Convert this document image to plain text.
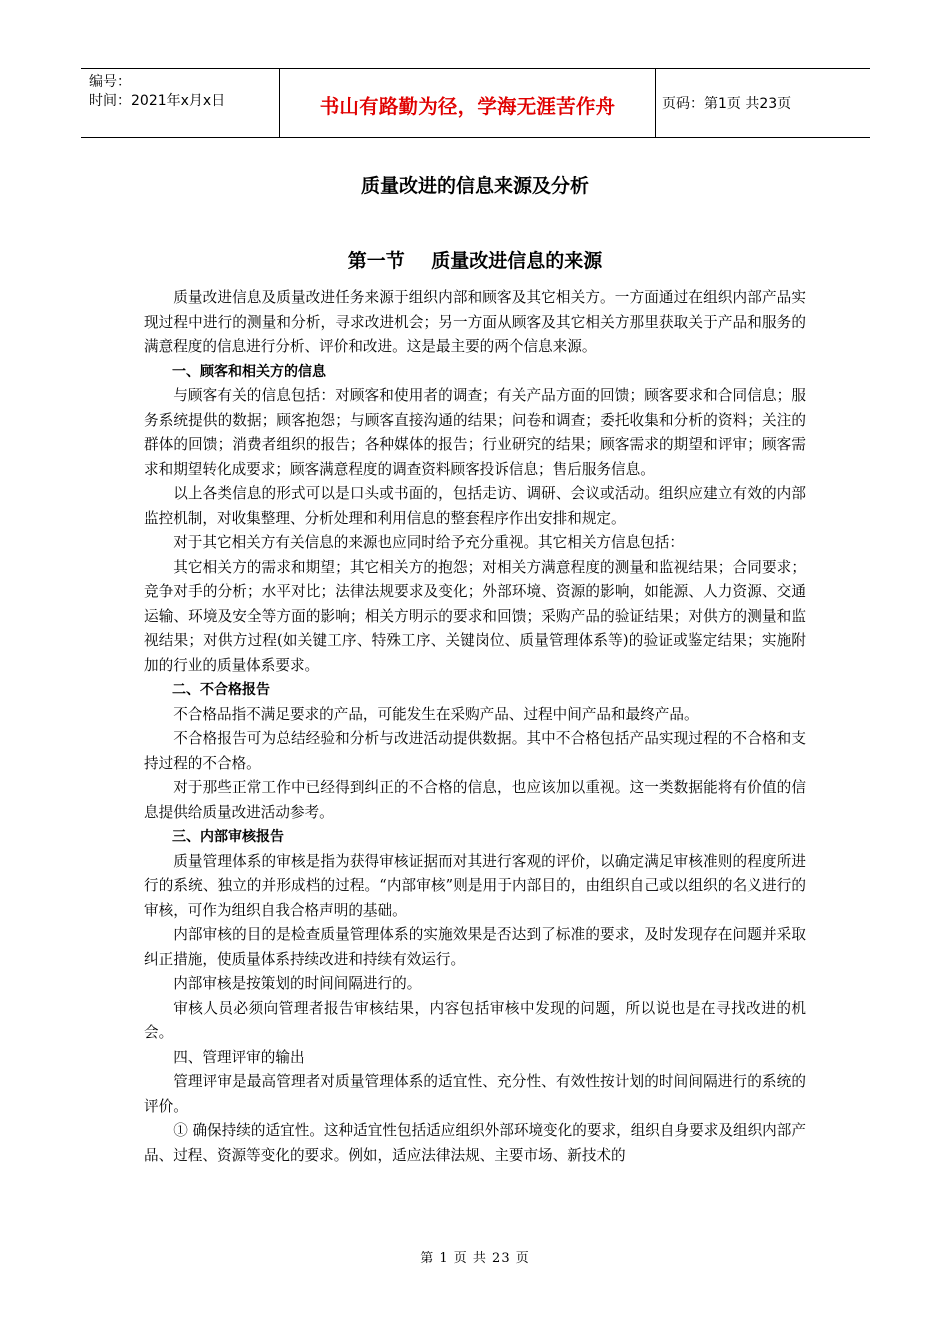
编号：
时间：2021年x月x日	书山有路勤为径，学海无涯苦作舟	页码：第1页 共23页
质量改进的信息来源及分析
第一节    质量改进信息的来源

质量改进信息及质量改进任务来源于组织内部和顾客及其它相关方。一方面通过在组织内部产品实现过程中进行的测量和分析，寻求改进机会；另一方面从顾客及其它相关方那里获取关于产品和服务的满意程度的信息进行分析、评价和改进。这是最主要的两个信息来源。

一、顾客和相关方的信息

与顾客有关的信息包括：对顾客和使用者的调查；有关产品方面的回馈；顾客要求和合同信息；服务系统提供的数据；顾客抱怨；与顾客直接沟通的结果；问卷和调查；委托收集和分析的资料；关注的群体的回馈；消费者组织的报告；各种媒体的报告；行业研究的结果；顾客需求的期望和评审；顾客需求和期望转化成要求；顾客满意程度的调查资料顾客投诉信息；售后服务信息。

以上各类信息的形式可以是口头或书面的，包括走访、调研、会议或活动。组织应建立有效的内部监控机制，对收集整理、分析处理和利用信息的整套程序作出安排和规定。

对于其它相关方有关信息的来源也应同时给予充分重视。其它相关方信息包括：

其它相关方的需求和期望；其它相关方的抱怨；对相关方满意程度的测量和监视结果；合同要求；竞争对手的分析；水平对比；法律法规要求及变化；外部环境、资源的影响，如能源、人力资源、交通运输、环境及安全等方面的影响；相关方明示的要求和回馈；采购产品的验证结果；对供方的测量和监视结果；对供方过程(如关键工序、特殊工序、关键岗位、质量管理体系等)的验证或鉴定结果；实施附加的行业的质量体系要求。

二、不合格报告

不合格品指不满足要求的产品，可能发生在采购产品、过程中间产品和最终产品。

不合格报告可为总结经验和分析与改进活动提供数据。其中不合格包括产品实现过程的不合格和支持过程的不合格。

对于那些正常工作中已经得到纠正的不合格的信息，也应该加以重视。这一类数据能将有价值的信息提供给质量改进活动参考。

三、内部审核报告

质量管理体系的审核是指为获得审核证据而对其进行客观的评价，以确定满足审核准则的程度所进行的系统、独立的并形成档的过程。“内部审核”则是用于内部目的，由组织自己或以组织的名义进行的审核，可作为组织自我合格声明的基础。

内部审核的目的是检查质量管理体系的实施效果是否达到了标准的要求，及时发现存在问题并采取纠正措施，使质量体系持续改进和持续有效运行。

内部审核是按策划的时间间隔进行的。

审核人员必须向管理者报告审核结果，内容包括审核中发现的问题，所以说也是在寻找改进的机会。

四、管理评审的输出

管理评审是最高管理者对质量管理体系的适宜性、充分性、有效性按计划的时间间隔进行的系统的评价。

① 确保持续的适宜性。这种适宜性包括适应组织外部环境变化的要求，组织自身要求及组织内部产品、过程、资源等变化的要求。例如，适应法律法规、主要市场、新技术的

第 1 页 共 23 页
